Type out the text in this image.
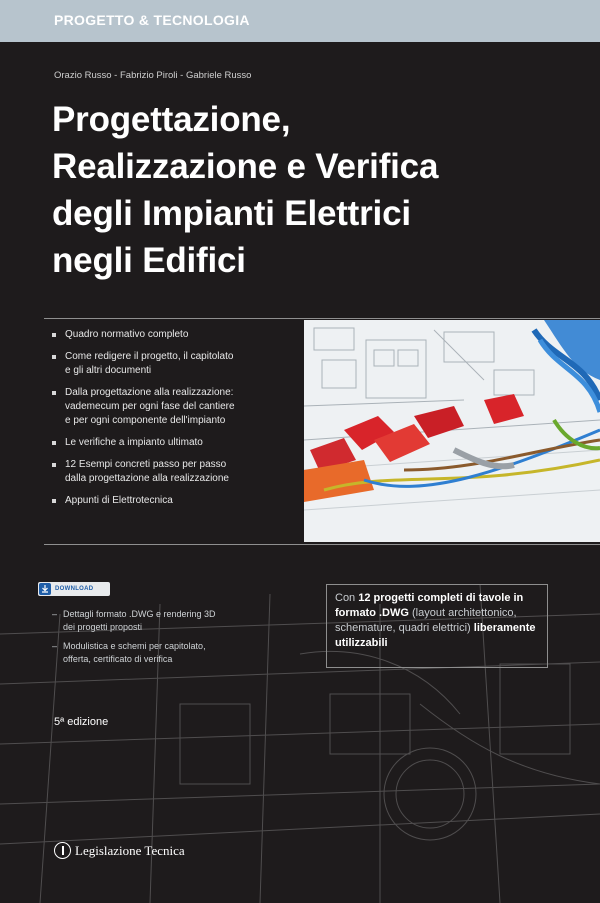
PROGETTO & TECNOLOGIA
Orazio Russo - Fabrizio Piroli - Gabriele Russo
Progettazione,
Realizzazione e Verifica
degli Impianti Elettrici
negli Edifici
Quadro normativo completo
Come redigere il progetto, il capitolato
e gli altri documenti
Dalla progettazione alla realizzazione:
vademecum per ogni fase del cantiere
e per ogni componente dell'impianto
Le verifiche a impianto ultimato
12 Esempi concreti passo per passo
dalla progettazione alla realizzazione
Appunti di Elettrotecnica
DOWNLOAD
– Dettagli formato .DWG e rendering 3D
dei progetti proposti
– Modulistica e schemi per capitolato,
offerta, certificato di verifica

Con 12 progetti completi di tavole in formato .DWG (layout architettonico, schemature, quadri elettrici) liberamente utilizzabili

5ª edizione
Legislazione Tecnica
